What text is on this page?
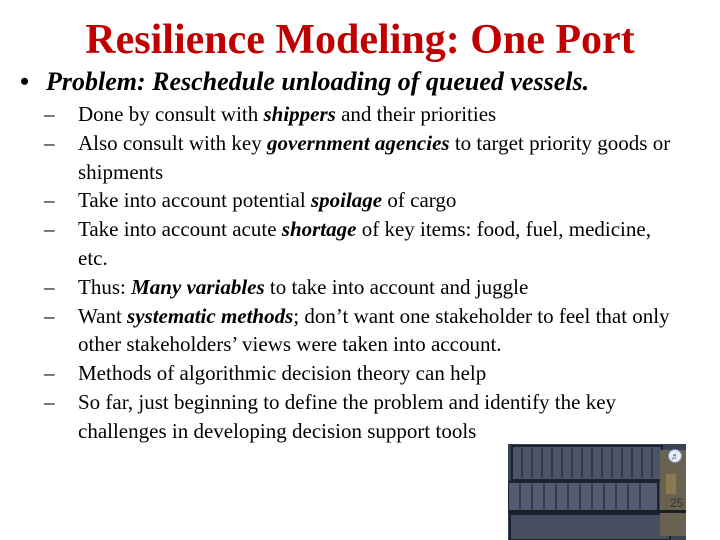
Resilience Modeling: One Port
• Problem: Reschedule unloading of queued vessels.
– Done by consult with shippers and their priorities
– Also consult with key government agencies to target priority goods or shipments
– Take into account potential spoilage of cargo
– Take into account acute shortage of key items: food, fuel, medicine, etc.
– Thus: Many variables to take into account and juggle
– Want systematic methods; don’t want one stakeholder to feel that only other stakeholders’ views were taken into account.
– Methods of algorithmic decision theory can help
– So far, just beginning to define the problem and identify the key challenges in developing decision support tools
♬
25
